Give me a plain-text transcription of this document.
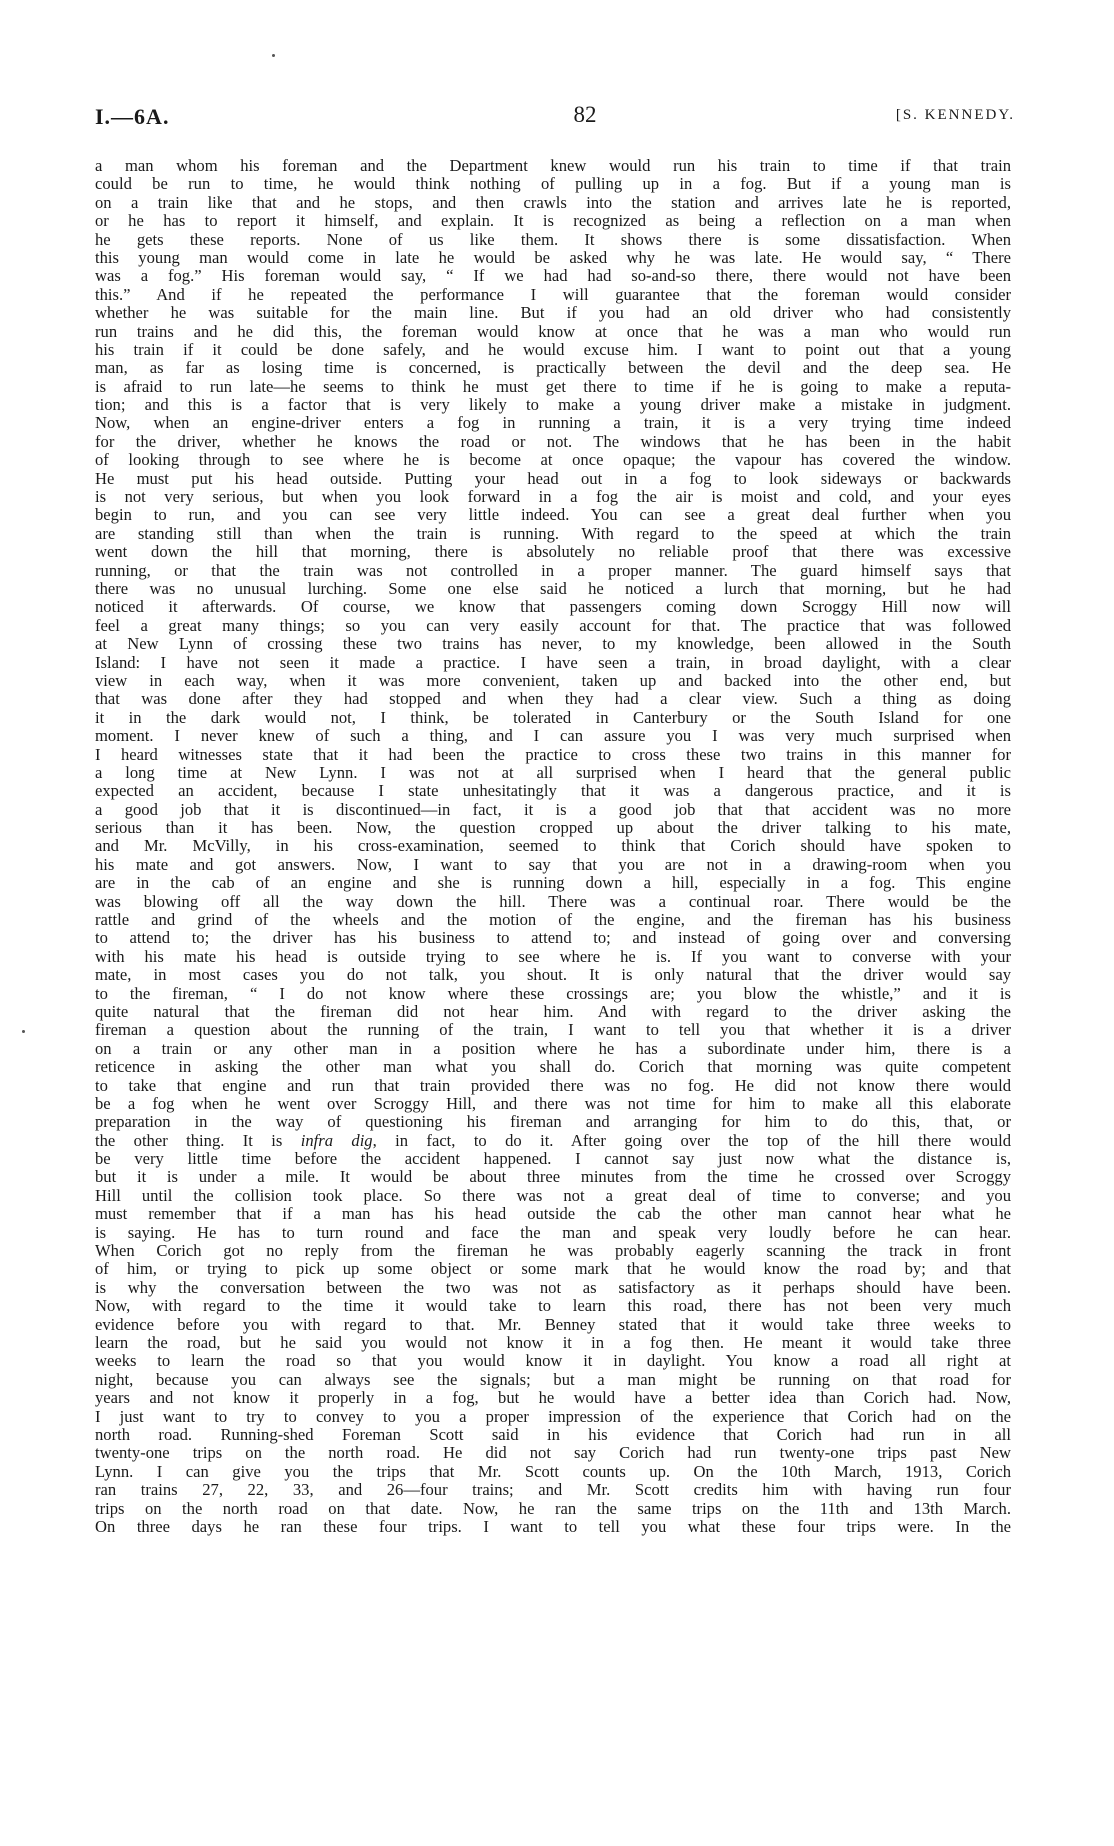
I.—6A.	82	[S. KENNEDY.
a man whom his foreman and the Department knew would run his train to time if that train
could be run to time, he would think nothing of pulling up in a fog. But if a young man is
on a train like that and he stops, and then crawls into the station and arrives late he is reported,
or he has to report it himself, and explain. It is recognized as being a reflection on a man when
he gets these reports. None of us like them. It shows there is some dissatisfaction. When
this young man would come in late he would be asked why he was late. He would say, “ There
was a fog.” His foreman would say, “ If we had had so-and-so there, there would not have been
this.” And if he repeated the performance I will guarantee that the foreman would consider
whether he was suitable for the main line. But if you had an old driver who had consistently
run trains and he did this, the foreman would know at once that he was a man who would run
his train if it could be done safely, and he would excuse him. I want to point out that a young
man, as far as losing time is concerned, is practically between the devil and the deep sea. He
is afraid to run late—he seems to think he must get there to time if he is going to make a reputa-
tion; and this is a factor that is very likely to make a young driver make a mistake in judgment.
Now, when an engine-driver enters a fog in running a train, it is a very trying time indeed
for the driver, whether he knows the road or not. The windows that he has been in the habit
of looking through to see where he is become at once opaque; the vapour has covered the window.
He must put his head outside. Putting your head out in a fog to look sideways or backwards
is not very serious, but when you look forward in a fog the air is moist and cold, and your eyes
begin to run, and you can see very little indeed. You can see a great deal further when you
are standing still than when the train is running. With regard to the speed at which the train
went down the hill that morning, there is absolutely no reliable proof that there was excessive
running, or that the train was not controlled in a proper manner. The guard himself says that
there was no unusual lurching. Some one else said he noticed a lurch that morning, but he had
noticed it afterwards. Of course, we know that passengers coming down Scroggy Hill now will
feel a great many things; so you can very easily account for that. The practice that was followed
at New Lynn of crossing these two trains has never, to my knowledge, been allowed in the South
Island: I have not seen it made a practice. I have seen a train, in broad daylight, with a clear
view in each way, when it was more convenient, taken up and backed into the other end, but
that was done after they had stopped and when they had a clear view. Such a thing as doing
it in the dark would not, I think, be tolerated in Canterbury or the South Island for one
moment. I never knew of such a thing, and I can assure you I was very much surprised when
I heard witnesses state that it had been the practice to cross these two trains in this manner for
a long time at New Lynn. I was not at all surprised when I heard that the general public
expected an accident, because I state unhesitatingly that it was a dangerous practice, and it is
a good job that it is discontinued—in fact, it is a good job that that accident was no more
serious than it has been. Now, the question cropped up about the driver talking to his mate,
and Mr. McVilly, in his cross-examination, seemed to think that Corich should have spoken to
his mate and got answers. Now, I want to say that you are not in a drawing-room when you
are in the cab of an engine and she is running down a hill, especially in a fog. This engine
was blowing off all the way down the hill. There was a continual roar. There would be the
rattle and grind of the wheels and the motion of the engine, and the fireman has his business
to attend to; the driver has his business to attend to; and instead of going over and conversing
with his mate his head is outside trying to see where he is. If you want to converse with your
mate, in most cases you do not talk, you shout. It is only natural that the driver would say
to the fireman, “ I do not know where these crossings are; you blow the whistle,” and it is
quite natural that the fireman did not hear him. And with regard to the driver asking the
fireman a question about the running of the train, I want to tell you that whether it is a driver
on a train or any other man in a position where he has a subordinate under him, there is a
reticence in asking the other man what you shall do. Corich that morning was quite competent
to take that engine and run that train provided there was no fog. He did not know there would
be a fog when he went over Scroggy Hill, and there was not time for him to make all this elaborate
preparation in the way of questioning his fireman and arranging for him to do this, that, or
the other thing. It is infra dig, in fact, to do it. After going over the top of the hill there would
be very little time before the accident happened. I cannot say just now what the distance is,
but it is under a mile. It would be about three minutes from the time he crossed over Scroggy
Hill until the collision took place. So there was not a great deal of time to converse; and you
must remember that if a man has his head outside the cab the other man cannot hear what he
is saying. He has to turn round and face the man and speak very loudly before he can hear.
When Corich got no reply from the fireman he was probably eagerly scanning the track in front
of him, or trying to pick up some object or some mark that he would know the road by; and that
is why the conversation between the two was not as satisfactory as it perhaps should have been.
Now, with regard to the time it would take to learn this road, there has not been very much
evidence before you with regard to that. Mr. Benney stated that it would take three weeks to
learn the road, but he said you would not know it in a fog then. He meant it would take three
weeks to learn the road so that you would know it in daylight. You know a road all right at
night, because you can always see the signals; but a man might be running on that road for
years and not know it properly in a fog, but he would have a better idea than Corich had. Now,
I just want to try to convey to you a proper impression of the experience that Corich had on the
north road. Running-shed Foreman Scott said in his evidence that Corich had run in all
twenty-one trips on the north road. He did not say Corich had run twenty-one trips past New
Lynn. I can give you the trips that Mr. Scott counts up. On the 10th March, 1913, Corich
ran trains 27, 22, 33, and 26—four trains; and Mr. Scott credits him with having run four
trips on the north road on that date. Now, he ran the same trips on the 11th and 13th March.
On three days he ran these four trips. I want to tell you what these four trips were. In the
